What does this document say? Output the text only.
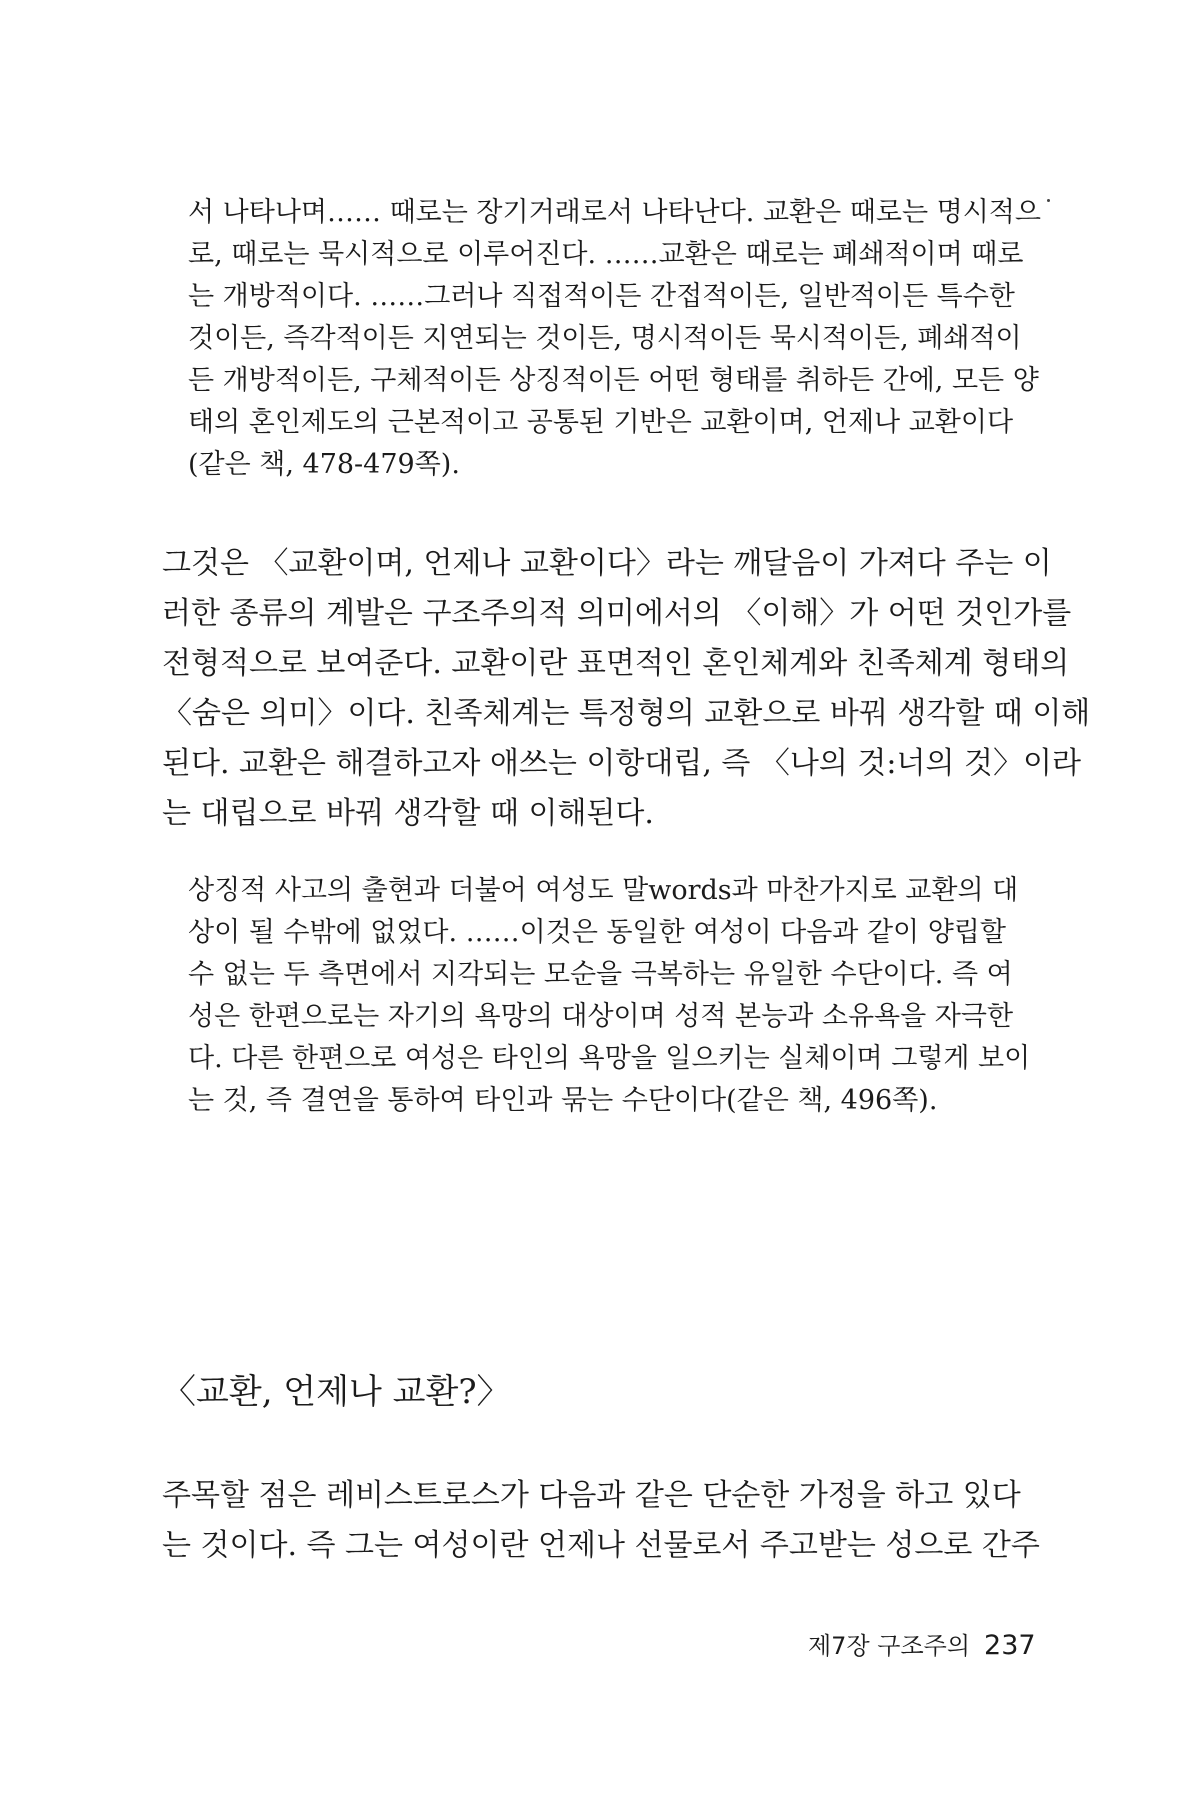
서 나타나며…… 때로는 장기거래로서 나타난다. 교환은 때로는 명시적으
로, 때로는 묵시적으로 이루어진다. ……교환은 때로는 폐쇄적이며 때로
는 개방적이다. ……그러나 직접적이든 간접적이든, 일반적이든 특수한
것이든, 즉각적이든 지연되는 것이든, 명시적이든 묵시적이든, 폐쇄적이
든 개방적이든, 구체적이든 상징적이든 어떤 형태를 취하든 간에, 모든 양
태의 혼인제도의 근본적이고 공통된 기반은 교환이며, 언제나 교환이다
(같은 책, 478-479쪽).
그것은 〈교환이며, 언제나 교환이다〉라는 깨달음이 가져다 주는 이
러한 종류의 계발은 구조주의적 의미에서의 〈이해〉가 어떤 것인가를
전형적으로 보여준다. 교환이란 표면적인 혼인체계와 친족체계 형태의
〈숨은 의미〉이다. 친족체계는 특정형의 교환으로 바꿔 생각할 때 이해
된다. 교환은 해결하고자 애쓰는 이항대립, 즉 〈나의 것:너의 것〉이라
는 대립으로 바꿔 생각할 때 이해된다.
상징적 사고의 출현과 더불어 여성도 말words과 마찬가지로 교환의 대
상이 될 수밖에 없었다. ……이것은 동일한 여성이 다음과 같이 양립할
수 없는 두 측면에서 지각되는 모순을 극복하는 유일한 수단이다. 즉 여
성은 한편으로는 자기의 욕망의 대상이며 성적 본능과 소유욕을 자극한
다. 다른 한편으로 여성은 타인의 욕망을 일으키는 실체이며 그렇게 보이
는 것, 즉 결연을 통하여 타인과 묶는 수단이다(같은 책, 496쪽).
〈교환, 언제나 교환?〉
주목할 점은 레비스트로스가 다음과 같은 단순한 가정을 하고 있다
는 것이다. 즉 그는 여성이란 언제나 선물로서 주고받는 성으로 간주
제7장 구조주의 237
